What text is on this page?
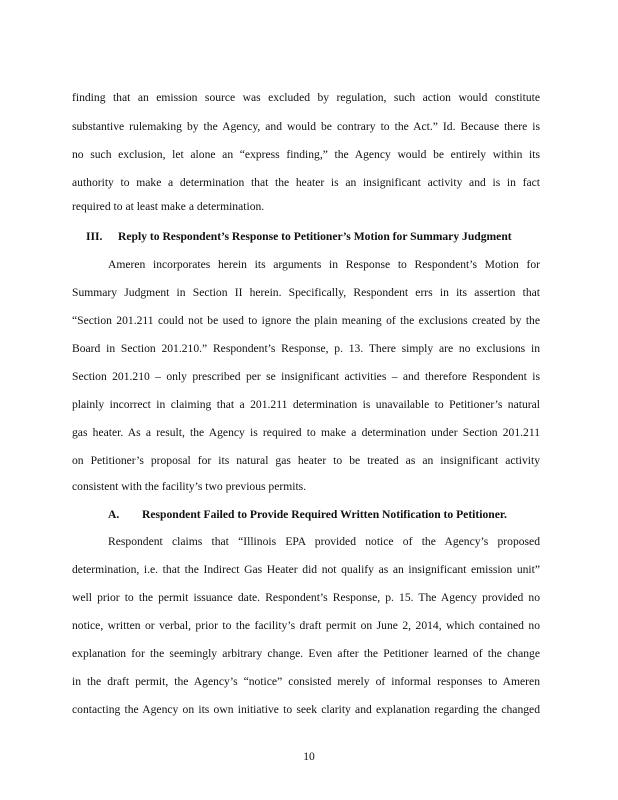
finding that an emission source was excluded by regulation, such action would constitute
substantive rulemaking by the Agency, and would be contrary to the Act.” Id. Because there is
no such exclusion, let alone an “express finding,” the Agency would be entirely within its
authority to make a determination that the heater is an insignificant activity and is in fact
required to at least make a determination.
III. Reply to Respondent’s Response to Petitioner’s Motion for Summary Judgment
Ameren incorporates herein its arguments in Response to Respondent’s Motion for
Summary Judgment in Section II herein. Specifically, Respondent errs in its assertion that
“Section 201.211 could not be used to ignore the plain meaning of the exclusions created by the
Board in Section 201.210.” Respondent’s Response, p. 13. There simply are no exclusions in
Section 201.210 – only prescribed per se insignificant activities – and therefore Respondent is
plainly incorrect in claiming that a 201.211 determination is unavailable to Petitioner’s natural
gas heater. As a result, the Agency is required to make a determination under Section 201.211
on Petitioner’s proposal for its natural gas heater to be treated as an insignificant activity
consistent with the facility’s two previous permits.
A. Respondent Failed to Provide Required Written Notification to Petitioner.
Respondent claims that “Illinois EPA provided notice of the Agency’s proposed
determination, i.e. that the Indirect Gas Heater did not qualify as an insignificant emission unit”
well prior to the permit issuance date. Respondent’s Response, p. 15. The Agency provided no
notice, written or verbal, prior to the facility’s draft permit on June 2, 2014, which contained no
explanation for the seemingly arbitrary change. Even after the Petitioner learned of the change
in the draft permit, the Agency’s “notice” consisted merely of informal responses to Ameren
contacting the Agency on its own initiative to seek clarity and explanation regarding the changed
10
